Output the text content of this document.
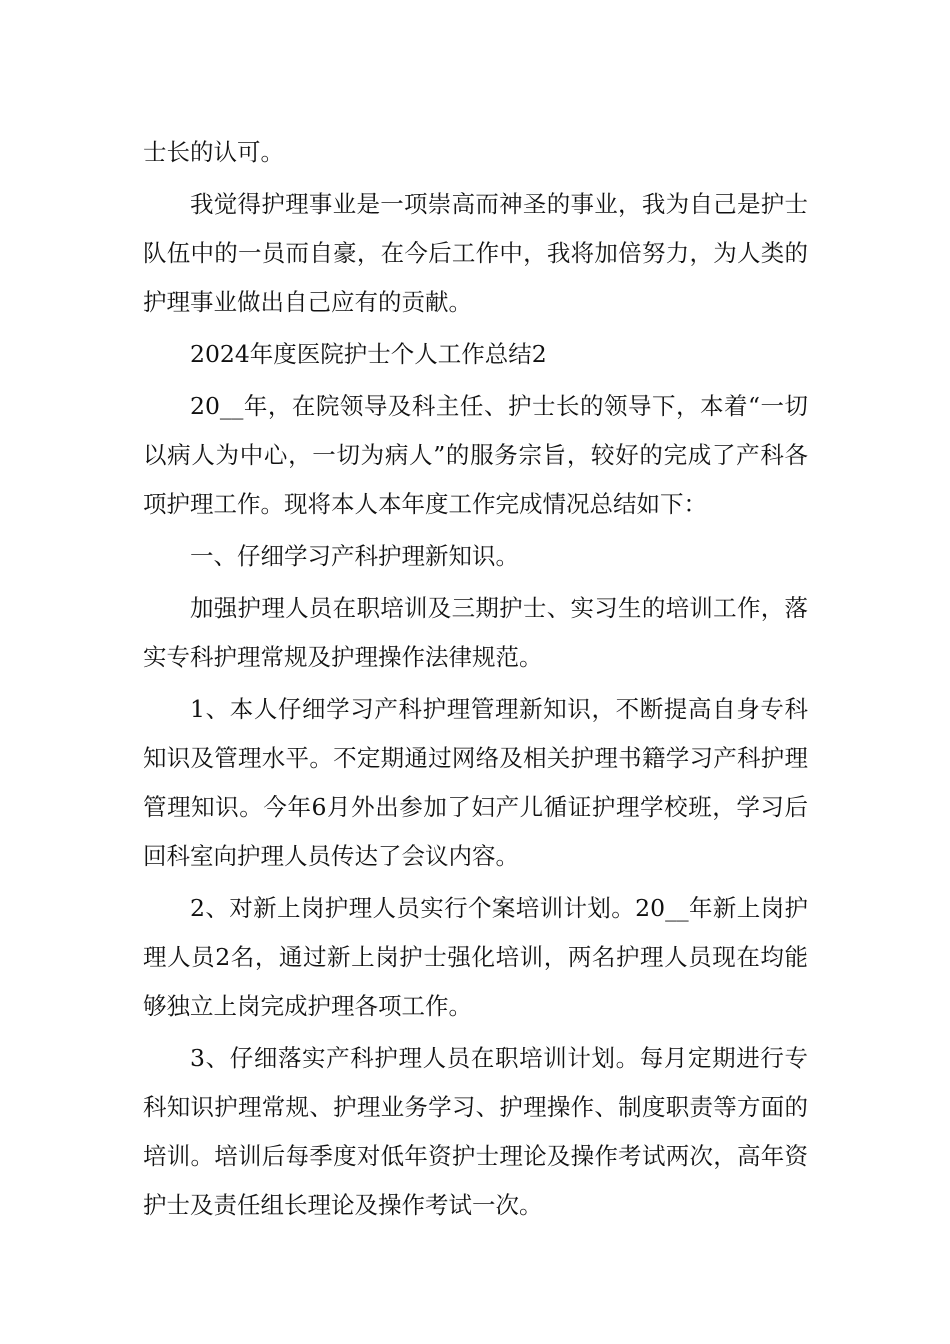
士长的认可。

我觉得护理事业是一项崇高而神圣的事业，我为自己是护士队伍中的一员而自豪，在今后工作中，我将加倍努力，为人类的护理事业做出自己应有的贡献。

2024年度医院护士个人工作总结2

20__年，在院领导及科主任、护士长的领导下，本着“一切以病人为中心，一切为病人”的服务宗旨，较好的完成了产科各项护理工作。现将本人本年度工作完成情况总结如下：

一、仔细学习产科护理新知识。

加强护理人员在职培训及三期护士、实习生的培训工作，落实专科护理常规及护理操作法律规范。

1、本人仔细学习产科护理管理新知识，不断提高自身专科知识及管理水平。不定期通过网络及相关护理书籍学习产科护理管理知识。今年6月外出参加了妇产儿循证护理学校班，学习后回科室向护理人员传达了会议内容。

2、对新上岗护理人员实行个案培训计划。20__年新上岗护理人员2名，通过新上岗护士强化培训，两名护理人员现在均能够独立上岗完成护理各项工作。

3、仔细落实产科护理人员在职培训计划。每月定期进行专科知识护理常规、护理业务学习、护理操作、制度职责等方面的培训。培训后每季度对低年资护士理论及操作考试两次，高年资护士及责任组长理论及操作考试一次。
